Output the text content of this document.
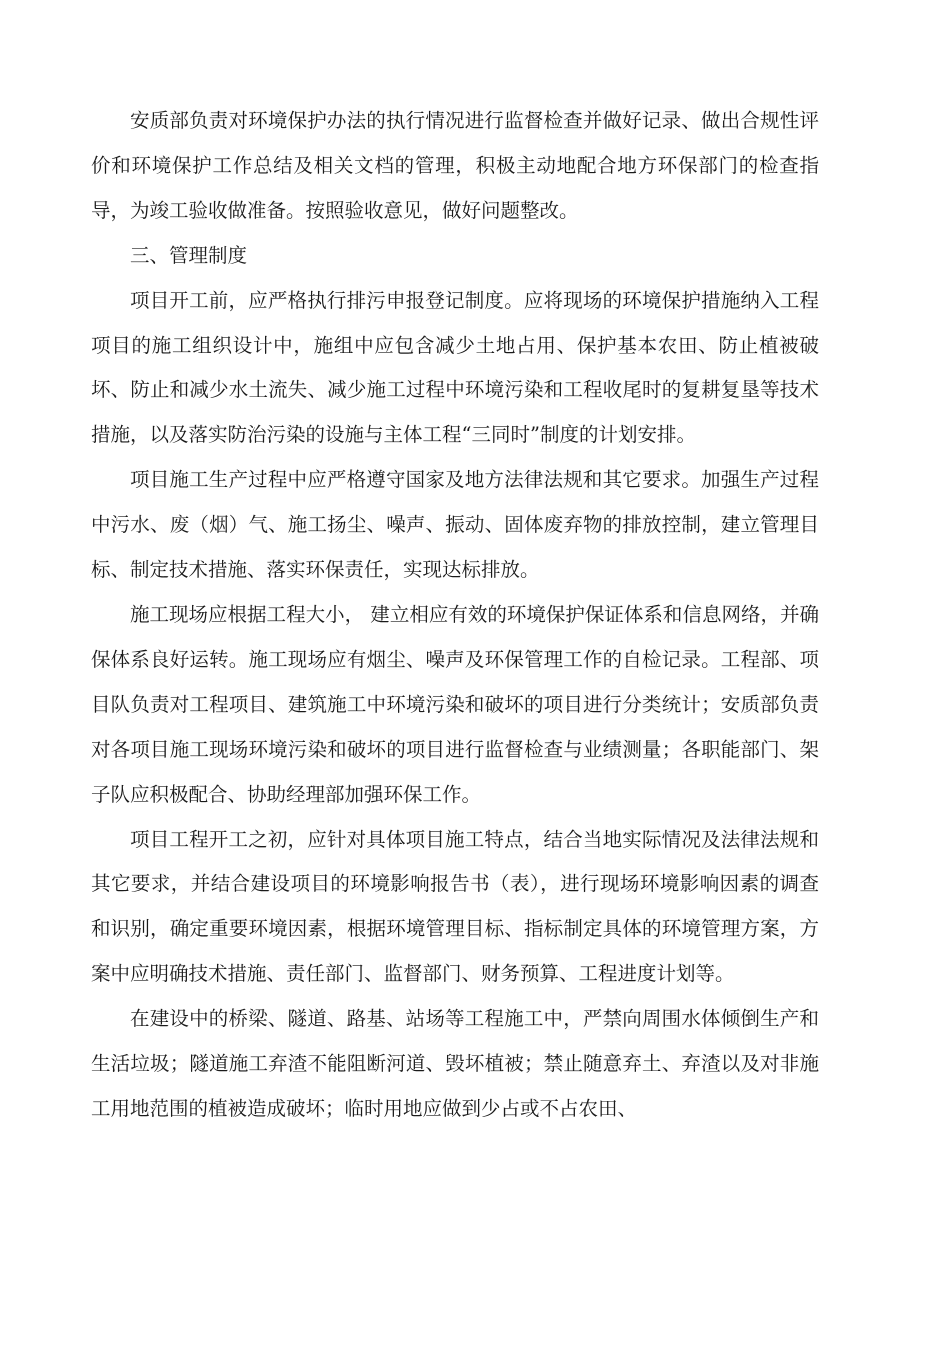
安质部负责对环境保护办法的执行情况进行监督检查并做好记录、做出合规性评价和环境保护工作总结及相关文档的管理，积极主动地配合地方环保部门的检查指导，为竣工验收做准备。按照验收意见，做好问题整改。

三、管理制度

项目开工前，应严格执行排污申报登记制度。应将现场的环境保护措施纳入工程项目的施工组织设计中，施组中应包含减少土地占用、保护基本农田、防止植被破坏、防止和减少水土流失、减少施工过程中环境污染和工程收尾时的复耕复垦等技术措施，以及落实防治污染的设施与主体工程“三同时”制度的计划安排。

项目施工生产过程中应严格遵守国家及地方法律法规和其它要求。加强生产过程中污水、废（烟）气、施工扬尘、噪声、振动、固体废弃物的排放控制，建立管理目标、制定技术措施、落实环保责任，实现达标排放。

施工现场应根据工程大小， 建立相应有效的环境保护保证体系和信息网络，并确保体系良好运转。施工现场应有烟尘、噪声及环保管理工作的自检记录。工程部、项目队负责对工程项目、建筑施工中环境污染和破坏的项目进行分类统计；安质部负责对各项目施工现场环境污染和破坏的项目进行监督检查与业绩测量；各职能部门、架子队应积极配合、协助经理部加强环保工作。

项目工程开工之初，应针对具体项目施工特点，结合当地实际情况及法律法规和其它要求，并结合建设项目的环境影响报告书（表），进行现场环境影响因素的调查和识别，确定重要环境因素，根据环境管理目标、指标制定具体的环境管理方案，方案中应明确技术措施、责任部门、监督部门、财务预算、工程进度计划等。

在建设中的桥梁、隧道、路基、站场等工程施工中，严禁向周围水体倾倒生产和生活垃圾；隧道施工弃渣不能阻断河道、毁坏植被；禁止随意弃土、弃渣以及对非施工用地范围的植被造成破坏；临时用地应做到少占或不占农田、
